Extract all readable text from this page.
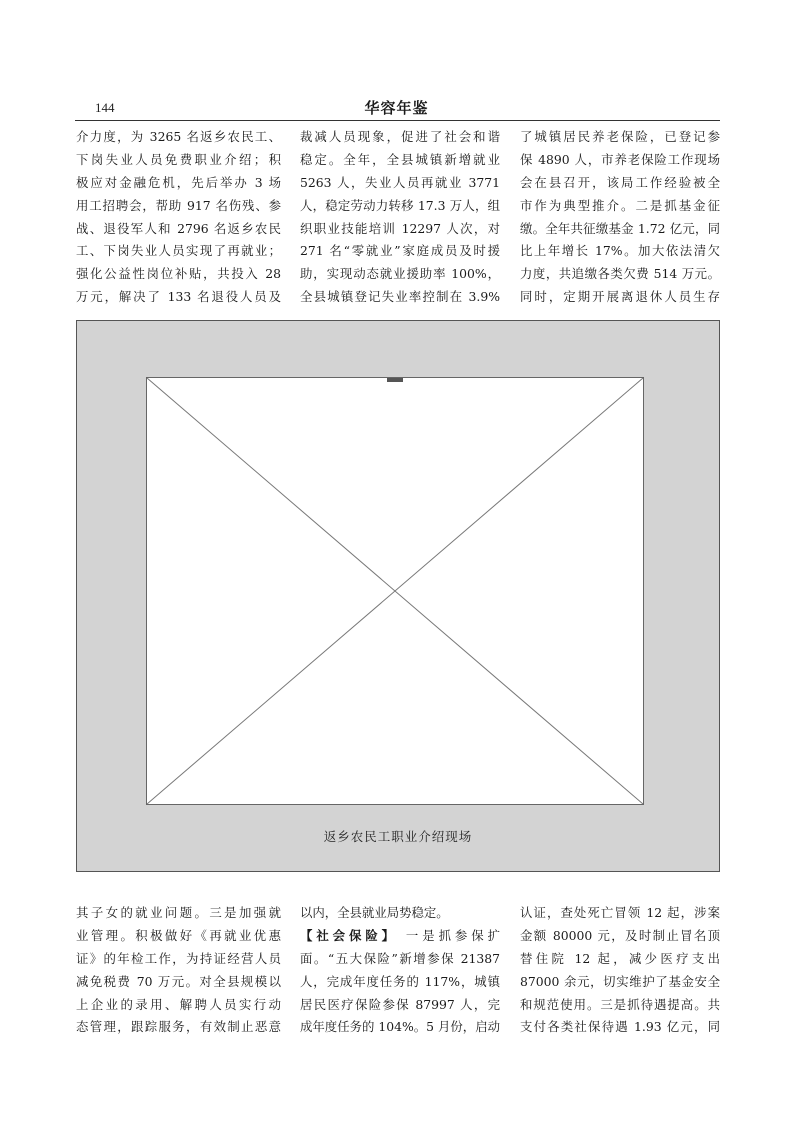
144	华容年鉴
介力度，为 3265 名返乡农民工、
下岗失业人员免费职业介绍；积
极应对金融危机，先后举办 3 场
用工招聘会，帮助 917 名伤残、参
战、退役军人和 2796 名返乡农民
工、下岗失业人员实现了再就业；
强化公益性岗位补贴，共投入 28
万元，解决了 133 名退役人员及
裁减人员现象，促进了社会和谐
稳定。全年，全县城镇新增就业
5263 人，失业人员再就业 3771
人，稳定劳动力转移 17.3 万人，组
织职业技能培训 12297 人次，对
271 名“零就业”家庭成员及时援
助，实现动态就业援助率 100%，
全县城镇登记失业率控制在 3.9%
了城镇居民养老保险，已登记参
保 4890 人，市养老保险工作现场
会在县召开，该局工作经验被全
市作为典型推介。二是抓基金征
缴。全年共征缴基金 1.72 亿元，同
比上年增长 17%。加大依法清欠
力度，共追缴各类欠费 514 万元。
同时，定期开展离退休人员生存
返乡农民工职业介绍现场
其子女的就业问题。三是加强就
业管理。积极做好《再就业优惠
证》的年检工作，为持证经营人员
减免税费 70 万元。对全县规模以
上企业的录用、解聘人员实行动
态管理，跟踪服务，有效制止恶意
以内，全县就业局势稳定。
【社会保险】 一是抓参保扩
面。“五大保险”新增参保 21387
人，完成年度任务的 117%，城镇
居民医疗保险参保 87997 人，完
成年度任务的 104%。5 月份，启动
认证，查处死亡冒领 12 起，涉案
金额 80000 元，及时制止冒名顶
替住院 12 起，减少医疗支出
87000 余元，切实维护了基金安全
和规范使用。三是抓待遇提高。共
支付各类社保待遇 1.93 亿元，同
